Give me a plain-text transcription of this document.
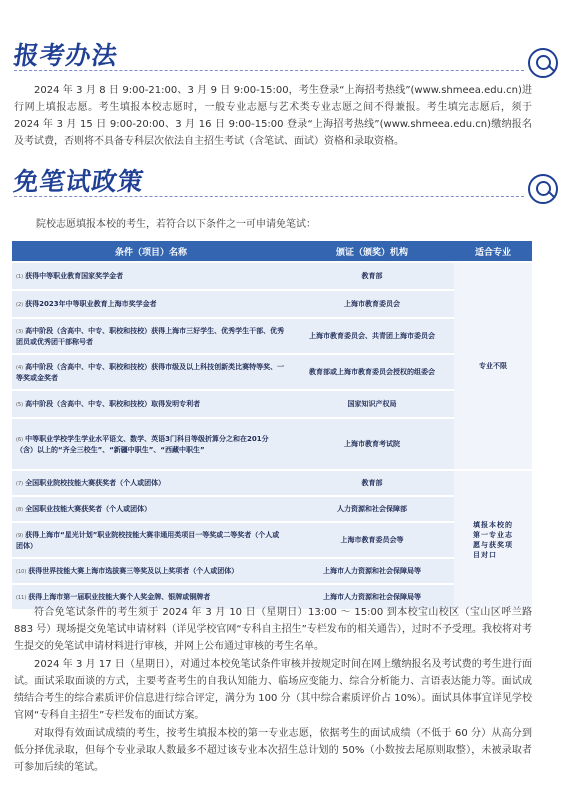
报考办法

2024 年 3 月 8 日 9:00-21:00、3 月 9 日 9:00-15:00，考生登录“上海招考热线”(www.shmeea.edu.cn)进行网上填报志愿。考生填报本校志愿时，一般专业志愿与艺术类专业志愿之间不得兼报。考生填完志愿后，须于 2024 年 3 月 15 日 9:00-20:00、3 月 16 日 9:00-15:00 登录“上海招考热线”(www.shmeea.edu.cn)缴纳报名及考试费，否则将不具备专科层次依法自主招生考试（含笔试、面试）资格和录取资格。

免笔试政策
院校志愿填报本校的考生，若符合以下条件之一可申请免笔试：
条件（项目）名称	颁证（颁奖）机构	适合专业
(1) 获得中等职业教育国家奖学金者	教育部	专业不限
(2) 获得2023年中等职业教育上海市奖学金者	上海市教育委员会	
(3) 高中阶段（含高中、中专、职校和技校）获得上海市三好学生、优秀学生干部、优秀团员或优秀团干部称号者	上海市教育委员会、共青团上海市委员会	
(4) 高中阶段（含高中、中专、职校和技校）获得市级及以上科技创新类比赛特等奖、一等奖或金奖者	教育部或上海市教育委员会授权的组委会	
(5) 高中阶段（含高中、中专、职校和技校）取得发明专利者	国家知识产权局	
(6) 中等职业学校学生学业水平语文、数学、英语3门科目等级折算分之和在201分（含）以上的“齐全三校生”、“新疆中职生”、“西藏中职生”	上海市教育考试院	
(7) 全国职业院校技能大赛获奖者（个人或团体）	教育部	填报本校的第一专业志愿与获奖项目对口

(8) 全国职业技能大赛获奖者（个人或团体）	人力资源和社会保障部	
(9) 获得上海市“星光计划”职业院校技能大赛非通用类项目一等奖或二等奖者（个人或团体）	上海市教育委员会等	
(10) 获得世界技能大赛上海市选拔赛三等奖及以上奖项者（个人或团体）	上海市人力资源和社会保障局等	
(11) 获得上海市第一届职业技能大赛个人奖金牌、银牌或铜牌者	上海市人力资源和社会保障局等	

符合免笔试条件的考生须于 2024 年 3 月 10 日（星期日）13:00 ～ 15:00 到本校宝山校区（宝山区呼兰路 883 号）现场提交免笔试申请材料（详见学校官网“专科自主招生”专栏发布的相关通告），过时不予受理。我校将对考生提交的免笔试申请材料进行审核，并网上公布通过审核的考生名单。

2024 年 3 月 17 日（星期日），对通过本校免笔试条件审核并按规定时间在网上缴纳报名及考试费的考生进行面试。面试采取面谈的方式，主要考查考生的自我认知能力、临场应变能力、综合分析能力、言语表达能力等。面试成绩结合考生的综合素质评价信息进行综合评定，满分为 100 分（其中综合素质评价占 10%）。面试具体事宜详见学校官网“专科自主招生”专栏发布的面试方案。

对取得有效面试成绩的考生，按考生填报本校的第一专业志愿，依据考生的面试成绩（不低于 60 分）从高分到低分择优录取，但每个专业录取人数最多不超过该专业本次招生总计划的 50%（小数按去尾原则取整），未被录取者可参加后续的笔试。
